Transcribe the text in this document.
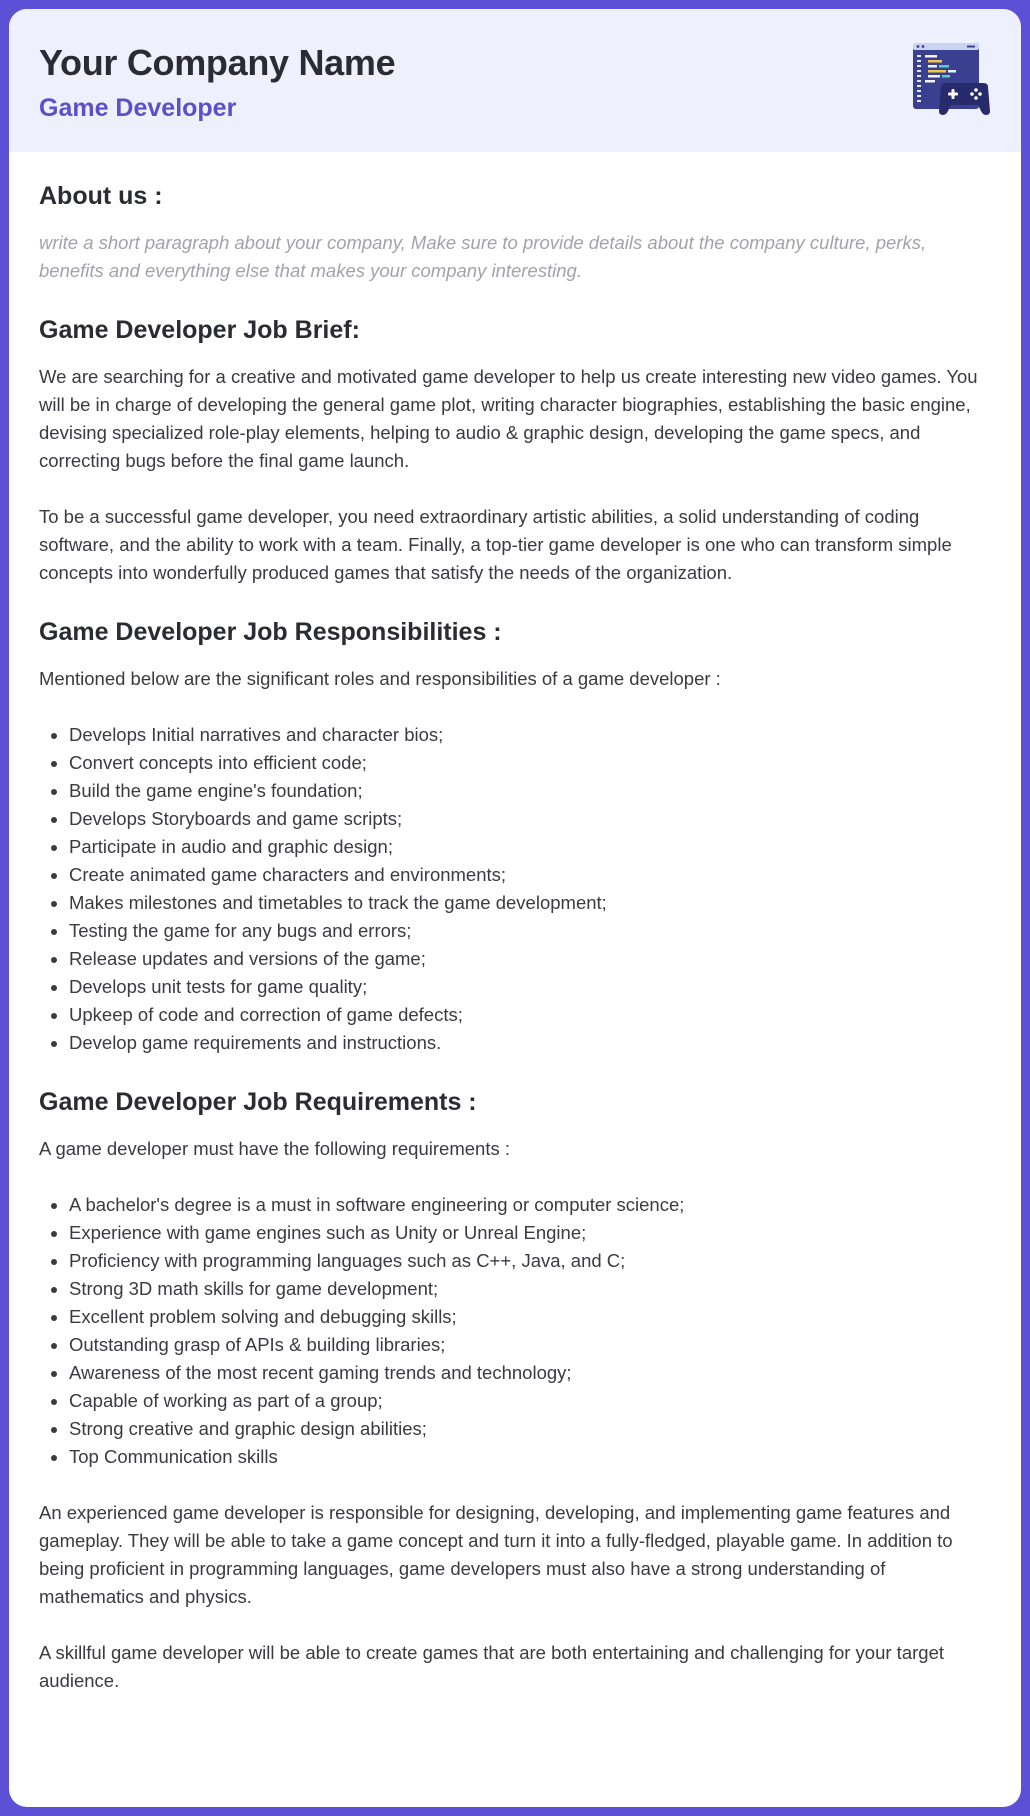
Your Company Name
Game Developer
About us :
write a short paragraph about your company, Make sure to provide details about the company culture, perks, benefits and everything else that makes your company interesting.
Game Developer Job Brief:

We are searching for a creative and motivated game developer to help us create interesting new video games. You will be in charge of developing the general game plot, writing character biographies, establishing the basic engine, devising specialized role-play elements, helping to audio & graphic design, developing the game specs, and correcting bugs before the final game launch.

To be a successful game developer, you need extraordinary artistic abilities, a solid understanding of coding software, and the ability to work with a team. Finally, a top-tier game developer is one who can transform simple concepts into wonderfully produced games that satisfy the needs of the organization.

Game Developer Job Responsibilities :

Mentioned below are the significant roles and responsibilities of a game developer :

• Develops Initial narratives and character bios;
• Convert concepts into efficient code;
• Build the game engine's foundation;
• Develops Storyboards and game scripts;
• Participate in audio and graphic design;
• Create animated game characters and environments;
• Makes milestones and timetables to track the game development;
• Testing the game for any bugs and errors;
• Release updates and versions of the game;
• Develops unit tests for game quality;
• Upkeep of code and correction of game defects;
• Develop game requirements and instructions.
Game Developer Job Requirements :

A game developer must have the following requirements :

• A bachelor's degree is a must in software engineering or computer science;
• Experience with game engines such as Unity or Unreal Engine;
• Proficiency with programming languages such as C++, Java, and C;
• Strong 3D math skills for game development;
• Excellent problem solving and debugging skills;
• Outstanding grasp of APIs & building libraries;
• Awareness of the most recent gaming trends and technology;
• Capable of working as part of a group;
• Strong creative and graphic design abilities;
• Top Communication skills

An experienced game developer is responsible for designing, developing, and implementing game features and gameplay. They will be able to take a game concept and turn it into a fully-fledged, playable game. In addition to being proficient in programming languages, game developers must also have a strong understanding of mathematics and physics.

A skillful game developer will be able to create games that are both entertaining and challenging for your target audience.
